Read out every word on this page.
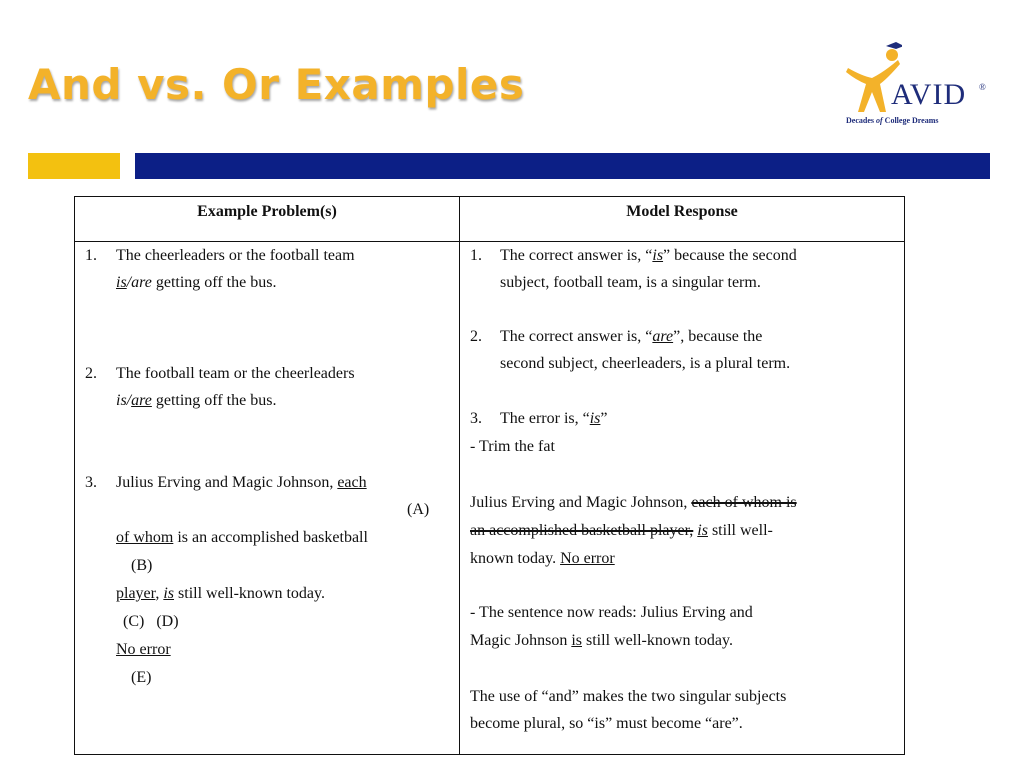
And vs. Or Examples	AVID ®
Decades of College Dreams
Example Problem(s)	Model Response
1. The cheerleaders or the football team
is/are getting off the bus.
2. The football team or the cheerleaders
is/are getting off the bus.
3. Julius Erving and Magic Johnson, each
(A)
of whom is an accomplished basketball
(B)
player, is still well-known today.
(C)   (D)
No error
(E)
1. The correct answer is, “is” because the second
subject, football team, is a singular term.
2. The correct answer is, “are”, because the
second subject, cheerleaders, is a plural term.
3. The error is, “is”
- Trim the fat
Julius Erving and Magic Johnson, each of whom is
an accomplished basketball player, is still well-
known today. No error
- The sentence now reads: Julius Erving and
Magic Johnson is still well-known today.
The use of “and” makes the two singular subjects
become plural, so “is” must become “are”.
